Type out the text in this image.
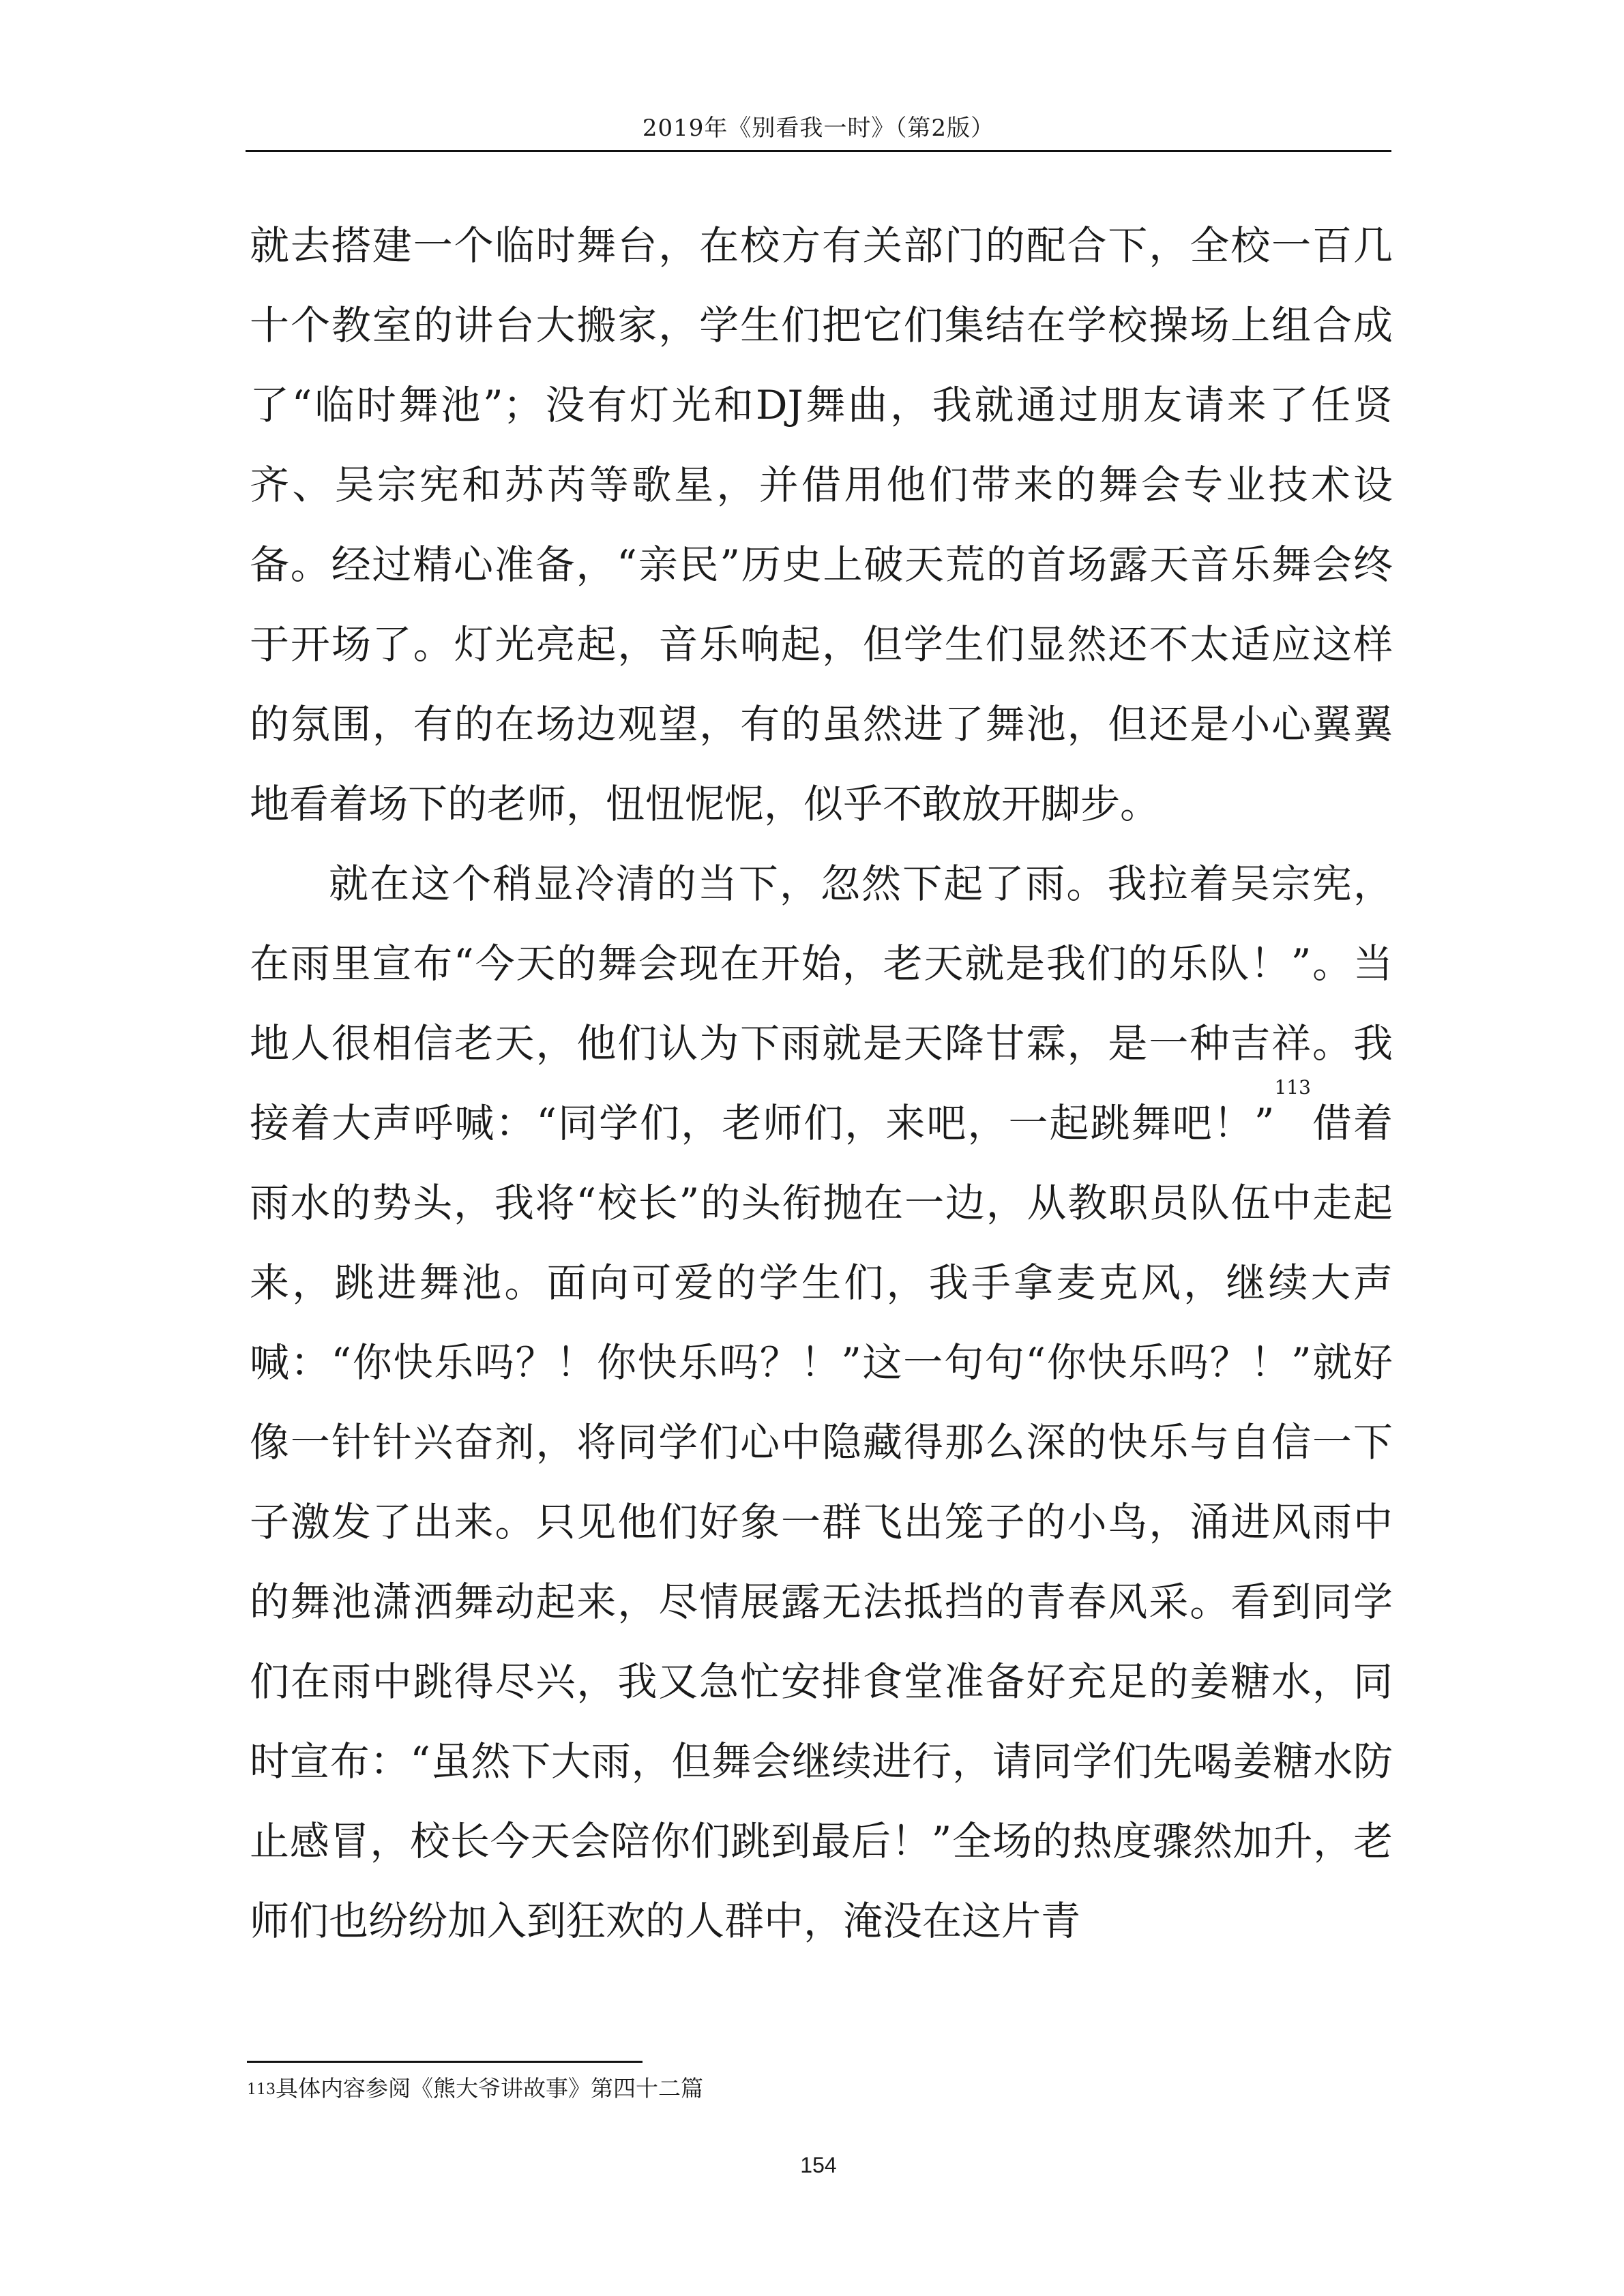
2019年《别看我一时》（第2版）

就去搭建一个临时舞台，在校方有关部门的配合下，全校一百几十个教室的讲台大搬家，学生们把它们集结在学校操场上组合成了“临时舞池”；没有灯光和DJ舞曲，我就通过朋友请来了任贤齐、吴宗宪和苏芮等歌星，并借用他们带来的舞会专业技术设备。经过精心准备，“亲民”历史上破天荒的首场露天音乐舞会终于开场了。灯光亮起，音乐响起，但学生们显然还不太适应这样的氛围，有的在场边观望，有的虽然进了舞池，但还是小心翼翼地看着场下的老师，忸忸怩怩，似乎不敢放开脚步。

就在这个稍显冷清的当下，忽然下起了雨。我拉着吴宗宪，在雨里宣布“今天的舞会现在开始，老天就是我们的乐队！”。当地人很相信老天，他们认为下雨就是天降甘霖，是一种吉祥。我接着大声呼喊：“同学们，老师们，来吧，一起跳舞吧！”$^{113}$借着雨水的势头，我将“校长”的头衔抛在一边，从教职员队伍中走起来，跳进舞池。面向可爱的学生们，我手拿麦克风，继续大声喊：“你快乐吗？！你快乐吗？！”这一句句“你快乐吗？！”就好像一针针兴奋剂，将同学们心中隐藏得那么深的快乐与自信一下子激发了出来。只见他们好象一群飞出笼子的小鸟，涌进风雨中的舞池潇洒舞动起来，尽情展露无法抵挡的青春风采。看到同学们在雨中跳得尽兴，我又急忙安排食堂准备好充足的姜糖水，同时宣布：“虽然下大雨，但舞会继续进行，请同学们先喝姜糖水防止感冒，校长今天会陪你们跳到最后！”全场的热度骤然加升，老师们也纷纷加入到狂欢的人群中，淹没在这片青

$^{113}$具体内容参阅《熊大爷讲故事》第四十二篇
154
